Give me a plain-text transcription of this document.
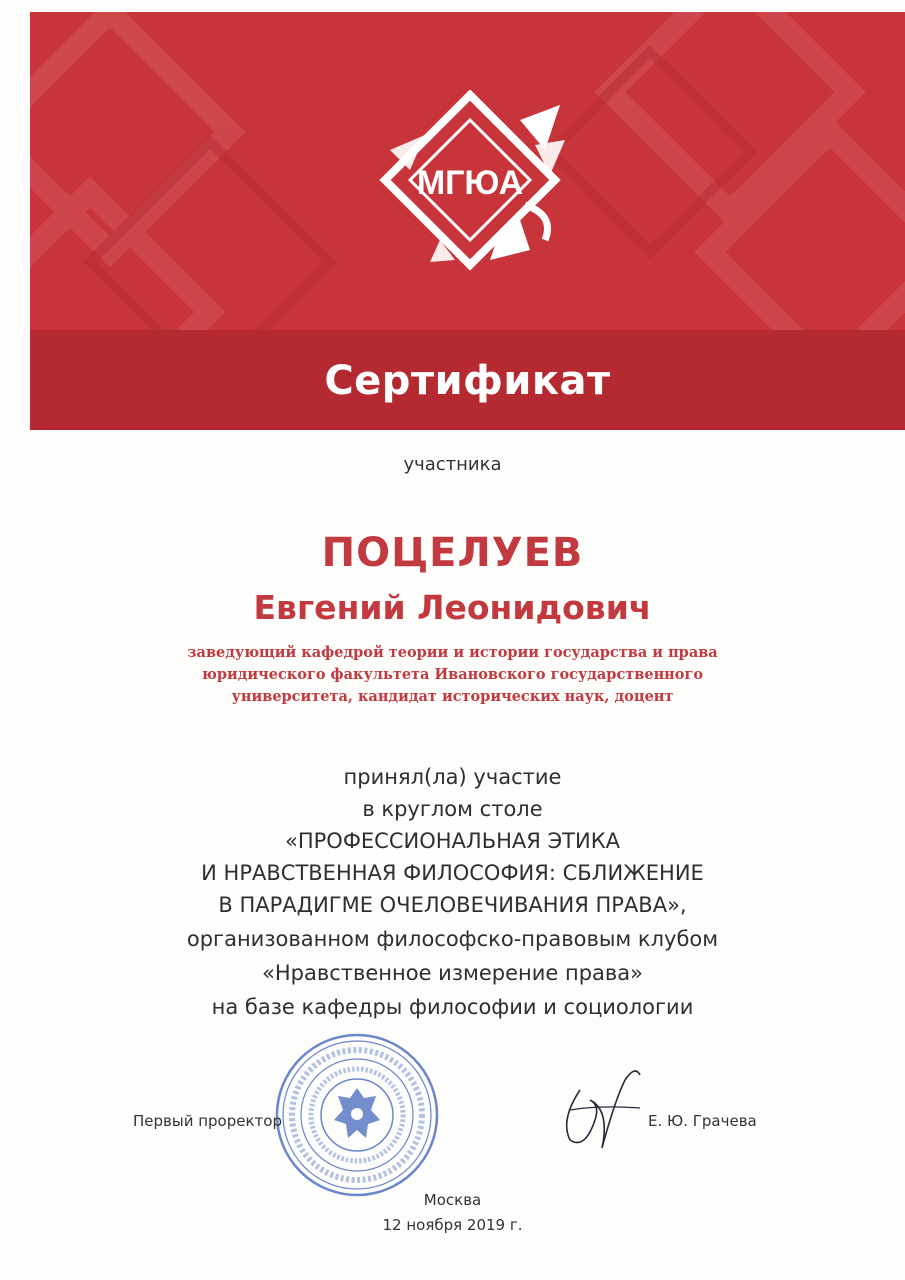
МГЮА
Сертификат
участника
ПОЦЕЛУЕВ
Евгений Леонидович
заведующий кафедрой теории и истории государства и права
юридического факультета Ивановского государственного
университета, кандидат исторических наук, доцент
принял(ла) участие
в круглом столе
«ПРОФЕССИОНАЛЬНАЯ ЭТИКА
И НРАВСТВЕННАЯ ФИЛОСОФИЯ: СБЛИЖЕНИЕ
В ПАРАДИГМЕ ОЧЕЛОВЕЧИВАНИЯ ПРАВА»,
организованном философско-правовым клубом
«Нравственное измерение права»
на базе кафедры философии и социологии
Первый проректор	Е. Ю. Грачева
Москва
12 ноября 2019 г.
